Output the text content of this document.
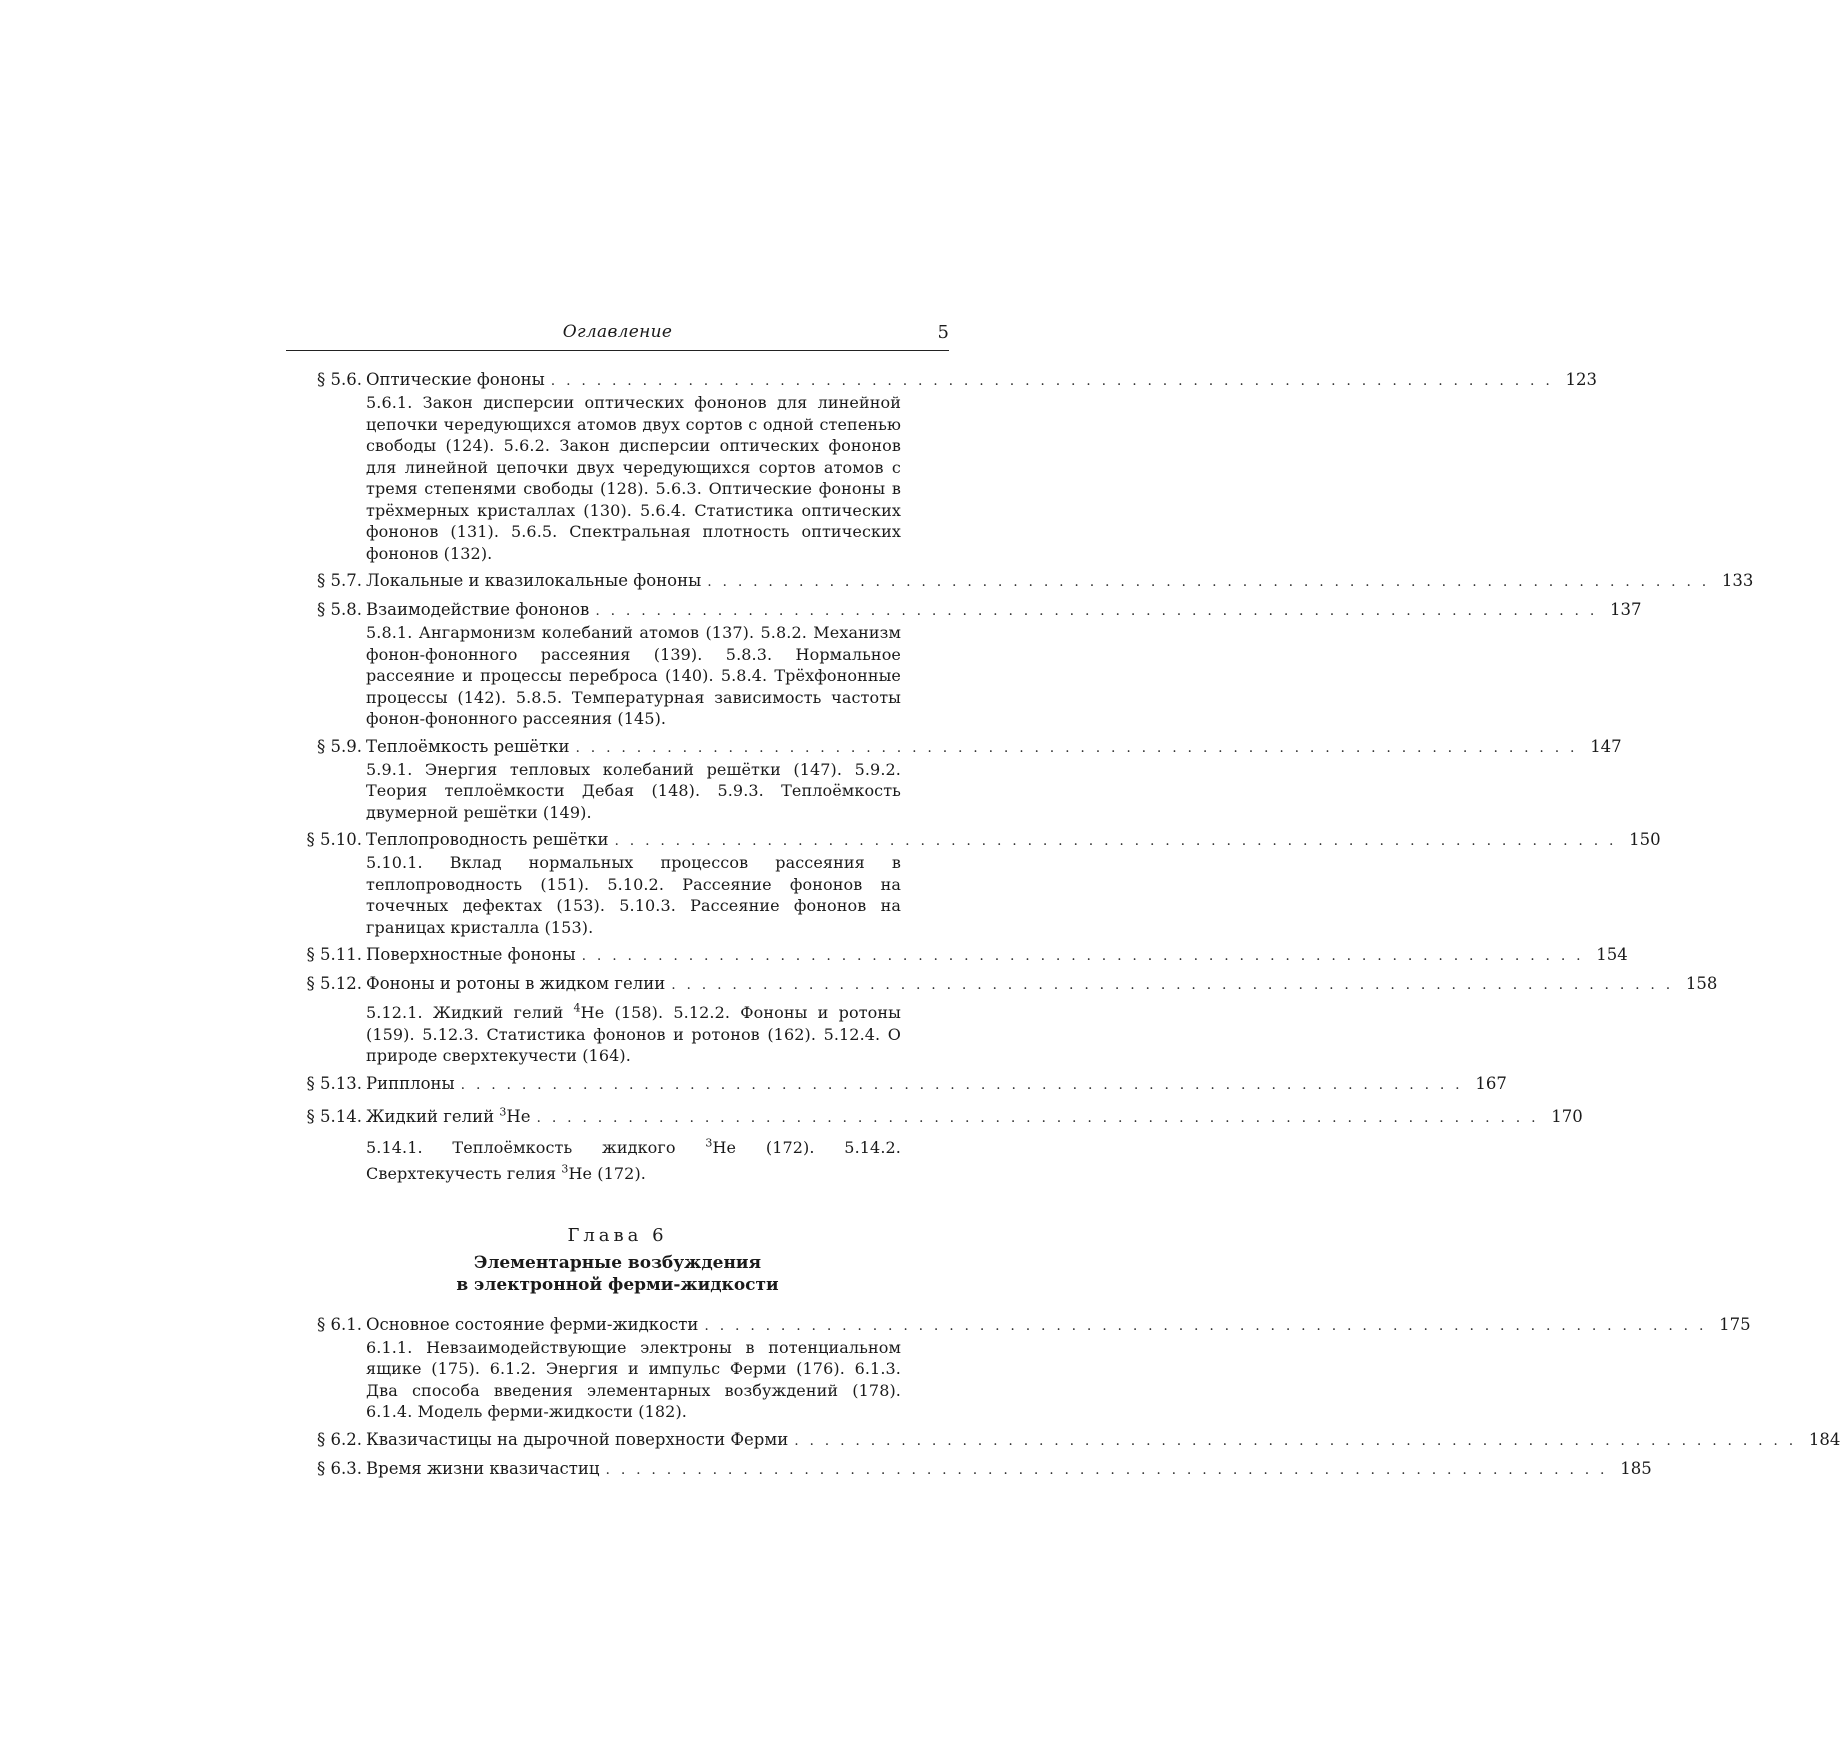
Оглавление	5
§ 5.6. Оптические фононы . . . . . . . . . . . . . . . . . . . . . . . . . . . . . . . . . . . . . . . . . . . . . . . . . . . . . . . . . . . . . . . . . . 123
5.6.1. Закон дисперсии оптических фононов для линейной цепочки чередующихся атомов двух сортов с одной степенью свободы (124). 5.6.2. Закон дисперсии оптических фононов для линейной цепочки двух чередующихся сортов атомов с тремя степенями свободы (128). 5.6.3. Оптические фононы в трёхмерных кристаллах (130). 5.6.4. Статистика оптических фононов (131). 5.6.5. Спектральная плотность оптических фононов (132).
§ 5.7. Локальные и квазилокальные фононы . . . . . . . . . . . . . . . . . . . . . . . . . . . . . . . . . . . . . . . . . . . . . . . . . . . . . . . . . . . . . . . . . . 133
§ 5.8. Взаимодействие фононов . . . . . . . . . . . . . . . . . . . . . . . . . . . . . . . . . . . . . . . . . . . . . . . . . . . . . . . . . . . . . . . . . . 137
5.8.1. Ангармонизм колебаний атомов (137). 5.8.2. Механизм фонон-фононного рассеяния (139). 5.8.3. Нормальное рассеяние и процессы переброса (140). 5.8.4. Трёхфононные процессы (142). 5.8.5. Температурная зависимость частоты фонон-фононного рассеяния (145).
§ 5.9. Теплоёмкость решётки . . . . . . . . . . . . . . . . . . . . . . . . . . . . . . . . . . . . . . . . . . . . . . . . . . . . . . . . . . . . . . . . . . 147
5.9.1. Энергия тепловых колебаний решётки (147). 5.9.2. Теория теплоёмкости Дебая (148). 5.9.3. Теплоёмкость двумерной решётки (149).
§ 5.10. Теплопроводность решётки . . . . . . . . . . . . . . . . . . . . . . . . . . . . . . . . . . . . . . . . . . . . . . . . . . . . . . . . . . . . . . . . . . 150
5.10.1. Вклад нормальных процессов рассеяния в теплопроводность (151). 5.10.2. Рассеяние фононов на точечных дефектах (153). 5.10.3. Рассеяние фононов на границах кристалла (153).
§ 5.11. Поверхностные фононы . . . . . . . . . . . . . . . . . . . . . . . . . . . . . . . . . . . . . . . . . . . . . . . . . . . . . . . . . . . . . . . . . . 154
§ 5.12. Фононы и ротоны в жидком гелии . . . . . . . . . . . . . . . . . . . . . . . . . . . . . . . . . . . . . . . . . . . . . . . . . . . . . . . . . . . . . . . . . . 158
5.12.1. Жидкий гелий $^4$He (158). 5.12.2. Фононы и ротоны (159). 5.12.3. Статистика фононов и ротонов (162). 5.12.4. О природе сверхтекучести (164).
§ 5.13. Рипплоны . . . . . . . . . . . . . . . . . . . . . . . . . . . . . . . . . . . . . . . . . . . . . . . . . . . . . . . . . . . . . . . . . . 167
§ 5.14. Жидкий гелий $^3$He . . . . . . . . . . . . . . . . . . . . . . . . . . . . . . . . . . . . . . . . . . . . . . . . . . . . . . . . . . . . . . . . . . 170
5.14.1. Теплоёмкость жидкого $^3$He (172). 5.14.2. Сверхтекучесть гелия $^3$He (172).
Глава 6
Элементарные возбуждения
в электронной ферми-жидкости
§ 6.1. Основное состояние ферми-жидкости . . . . . . . . . . . . . . . . . . . . . . . . . . . . . . . . . . . . . . . . . . . . . . . . . . . . . . . . . . . . . . . . . . 175
6.1.1. Невзаимодействующие электроны в потенциальном ящике (175). 6.1.2. Энергия и импульс Ферми (176). 6.1.3. Два способа введения элементарных возбуждений (178). 6.1.4. Модель ферми-жидкости (182).
§ 6.2. Квазичастицы на дырочной поверхности Ферми . . . . . . . . . . . . . . . . . . . . . . . . . . . . . . . . . . . . . . . . . . . . . . . . . . . . . . . . . . . . . . . . . . 184
§ 6.3. Время жизни квазичастиц . . . . . . . . . . . . . . . . . . . . . . . . . . . . . . . . . . . . . . . . . . . . . . . . . . . . . . . . . . . . . . . . . . 185
